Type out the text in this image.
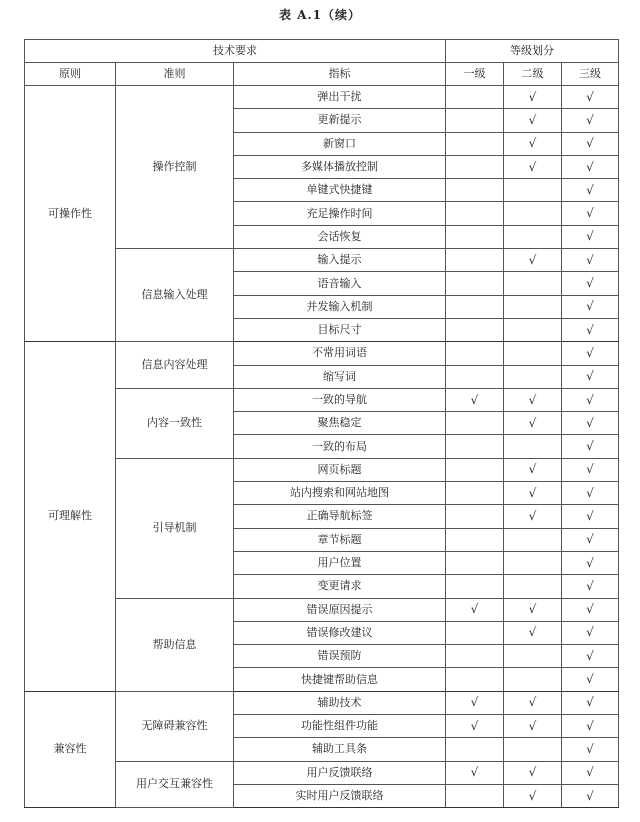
表 A.1（续）
技术要求			等级划分		
原则	准则	指标	一级	二级	三级
可操作性	操作控制	弹出干扰		√	√
		更新提示		√	√
		新窗口		√	√
		多媒体播放控制		√	√
		单键式快捷键			√
		充足操作时间			√
		会话恢复			√
	信息输入处理	输入提示		√	√
		语音输入			√
		并发输入机制			√
		目标尺寸			√
可理解性	信息内容处理	不常用词语			√
		缩写词			√
	内容一致性	一致的导航	√	√	√
		聚焦稳定		√	√
		一致的布局			√
	引导机制	网页标题		√	√
		站内搜索和网站地图		√	√
		正确导航标签		√	√
		章节标题			√
		用户位置			√
		变更请求			√
	帮助信息	错误原因提示	√	√	√
		错误修改建议		√	√
		错误预防			√
		快捷键帮助信息			√
兼容性	无障碍兼容性	辅助技术	√	√	√
		功能性组件功能	√	√	√
		辅助工具条			√
	用户交互兼容性	用户反馈联络	√	√	√
		实时用户反馈联络		√	√
